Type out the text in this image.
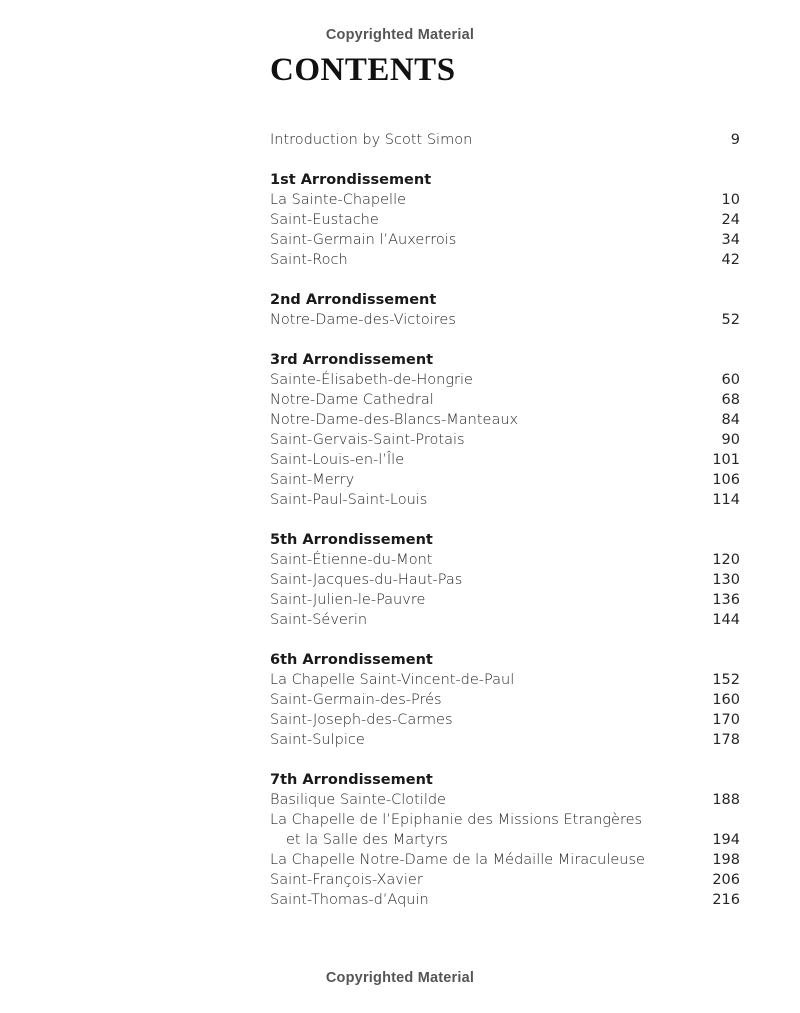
Copyrighted Material
CONTENTS
Introduction by Scott Simon	9
1st Arrondissement
La Sainte-Chapelle	10
Saint-Eustache	24
Saint-Germain l’Auxerrois	34
Saint-Roch	42
2nd Arrondissement
Notre-Dame-des-Victoires	52
3rd Arrondissement
Sainte-Élisabeth-de-Hongrie	60
Notre-Dame Cathedral	68
Notre-Dame-des-Blancs-Manteaux	84
Saint-Gervais-Saint-Protais	90
Saint-Louis-en-l’Île	101
Saint-Merry	106
Saint-Paul-Saint-Louis	114
5th Arrondissement
Saint-Étienne-du-Mont	120
Saint-Jacques-du-Haut-Pas	130
Saint-Julien-le-Pauvre	136
Saint-Séverin	144
6th Arrondissement
La Chapelle Saint-Vincent-de-Paul	152
Saint-Germain-des-Prés	160
Saint-Joseph-des-Carmes	170
Saint-Sulpice	178
7th Arrondissement
Basilique Sainte-Clotilde	188
La Chapelle de l’Epiphanie des Missions Etrangères
et la Salle des Martyrs	194
La Chapelle Notre-Dame de la Médaille Miraculeuse	198
Saint-François-Xavier	206
Saint-Thomas-d’Aquin	216
Copyrighted Material
